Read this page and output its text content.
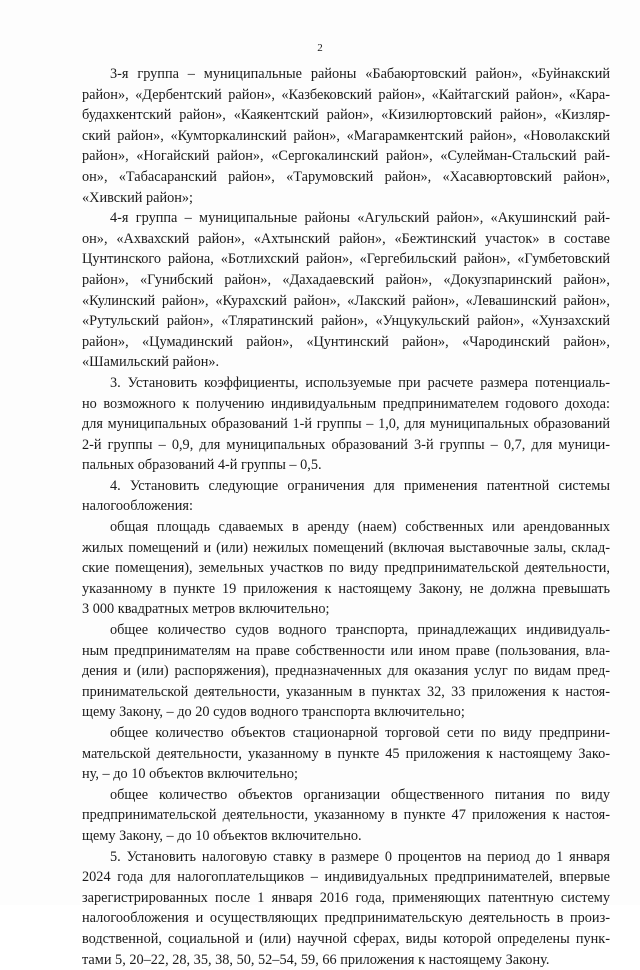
2

3-я группа – муниципальные районы «Бабаюртовский район», «Буйнакский
район», «Дербентский район», «Казбековский район», «Кайтагский район», «Кара-
будахкентский район», «Каякентский район», «Кизилюртовский район», «Кизляр-
ский район», «Кумторкалинский район», «Магарамкентский район», «Новолакский
район», «Ногайский район», «Сергокалинский район», «Сулейман-Стальский рай-
он», «Табасаранский район», «Тарумовский район», «Хасавюртовский район»,
«Хивский район»;

4-я группа – муниципальные районы «Агульский район», «Акушинский рай-
он», «Ахвахский район», «Ахтынский район», «Бежтинский участок» в составе
Цунтинского района, «Ботлихский район», «Гергебильский район», «Гумбетовский
район», «Гунибский район», «Дахадаевский район», «Докузпаринский район»,
«Кулинский район», «Курахский район», «Лакский район», «Левашинский район»,
«Рутульский район», «Тляратинский район», «Унцукульский район», «Хунзахский
район», «Цумадинский район», «Цунтинский район», «Чародинский район»,
«Шамильский район».

3. Установить коэффициенты, используемые при расчете размера потенциаль-
но возможного к получению индивидуальным предпринимателем годового дохода:
для муниципальных образований 1-й группы – 1,0, для муниципальных образований
2-й группы – 0,9, для муниципальных образований 3-й группы – 0,7, для муници-
пальных образований 4-й группы – 0,5.

4. Установить следующие ограничения для применения патентной системы
налогообложения:

общая площадь сдаваемых в аренду (наем) собственных или арендованных
жилых помещений и (или) нежилых помещений (включая выставочные залы, склад-
ские помещения), земельных участков по виду предпринимательской деятельности,
указанному в пункте 19 приложения к настоящему Закону, не должна превышать
3 000 квадратных метров включительно;

общее количество судов водного транспорта, принадлежащих индивидуаль-
ным предпринимателям на праве собственности или ином праве (пользования, вла-
дения и (или) распоряжения), предназначенных для оказания услуг по видам пред-
принимательской деятельности, указанным в пунктах 32, 33 приложения к настоя-
щему Закону, – до 20 судов водного транспорта включительно;

общее количество объектов стационарной торговой сети по виду предприни-
мательской деятельности, указанному в пункте 45 приложения к настоящему Зако-
ну, – до 10 объектов включительно;

общее количество объектов организации общественного питания по виду
предпринимательской деятельности, указанному в пункте 47 приложения к настоя-
щему Закону, – до 10 объектов включительно.

5. Установить налоговую ставку в размере 0 процентов на период до 1 января
2024 года для налогоплательщиков – индивидуальных предпринимателей, впервые
зарегистрированных после 1 января 2016 года, применяющих патентную систему
налогообложения и осуществляющих предпринимательскую деятельность в произ-
водственной, социальной и (или) научной сферах, виды которой определены пунк-
тами 5, 20–22, 28, 35, 38, 50, 52–54, 59, 66 приложения к настоящему Закону.
